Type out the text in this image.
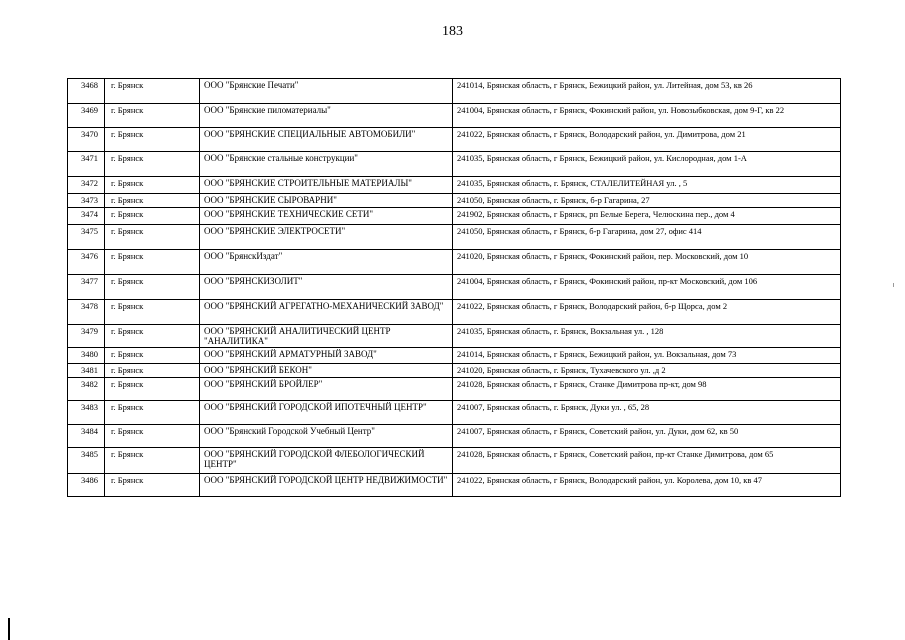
183
3468	г. Брянск	ООО "Брянские Печати"	241014, Брянская область, г Брянск, Бежицкий район, ул. Литейная, дом 53, кв 26
3469	г. Брянск	ООО "Брянские пиломатериалы"	241004, Брянская область, г Брянск, Фокинский район, ул. Новозыбковская, дом 9-Г, кв 22
3470	г. Брянск	ООО "БРЯНСКИЕ СПЕЦИАЛЬНЫЕ АВТОМОБИЛИ"	241022, Брянская область, г Брянск, Володарский район, ул. Димитрова, дом 21
3471	г. Брянск	ООО "Брянские стальные конструкции"	241035, Брянская область, г Брянск, Бежицкий район, ул. Кислородная, дом 1-А
3472	г. Брянск	ООО "БРЯНСКИЕ СТРОИТЕЛЬНЫЕ МАТЕРИАЛЫ"	241035, Брянская область, г. Брянск, СТАЛЕЛИТЕЙНАЯ ул. , 5
3473	г. Брянск	ООО "БРЯНСКИЕ СЫРОВАРНИ"	241050, Брянская область, г. Брянск, б-р Гагарина, 27
3474	г. Брянск	ООО "БРЯНСКИЕ ТЕХНИЧЕСКИЕ СЕТИ"	241902, Брянская область, г Брянск, рп Белые Берега, Челюскина пер., дом 4
3475	г. Брянск	ООО "БРЯНСКИЕ ЭЛЕКТРОСЕТИ"	241050, Брянская область, г Брянск, б-р Гагарина, дом 27, офис 414
3476	г. Брянск	ООО "БрянскИздат"	241020, Брянская область, г Брянск, Фокинский район, пер. Московский, дом 10
3477	г. Брянск	ООО "БРЯНСКИЗОЛИТ"	241004, Брянская область, г Брянск, Фокинский район, пр-кт Московский, дом 106
3478	г. Брянск	ООО "БРЯНСКИЙ АГРЕГАТНО-МЕХАНИЧЕСКИЙ ЗАВОД"	241022, Брянская область, г Брянск, Володарский район, б-р Щорса, дом 2
3479	г. Брянск	ООО "БРЯНСКИЙ АНАЛИТИЧЕСКИЙ ЦЕНТР "АНАЛИТИКА"	241035, Брянская область, г. Брянск, Вокзальная ул. , 128
3480	г. Брянск	ООО "БРЯНСКИЙ АРМАТУРНЫЙ ЗАВОД"	241014, Брянская область, г Брянск, Бежицкий район, ул. Вокзальная, дом 73
3481	г. Брянск	ООО "БРЯНСКИЙ БЕКОН"	241020, Брянская область, г. Брянск, Тухачевского ул. ,д 2
3482	г. Брянск	ООО "БРЯНСКИЙ БРОЙЛЕР"	241028, Брянская область, г Брянск, Станке Димитрова пр-кт, дом 98
3483	г. Брянск	ООО "БРЯНСКИЙ ГОРОДСКОЙ ИПОТЕЧНЫЙ ЦЕНТР"	241007, Брянская область, г. Брянск, Дуки ул. , 65, 28
3484	г. Брянск	ООО "Брянский Городской Учебный Центр"	241007, Брянская область, г Брянск, Советский район, ул. Дуки, дом 62, кв 50
3485	г. Брянск	ООО "БРЯНСКИЙ ГОРОДСКОЙ ФЛЕБОЛОГИЧЕСКИЙ ЦЕНТР"	241028, Брянская область, г Брянск, Советский район, пр-кт Станке Димитрова, дом 65
3486	г. Брянск	ООО "БРЯНСКИЙ ГОРОДСКОЙ ЦЕНТР НЕДВИЖИМОСТИ"	241022, Брянская область, г Брянск, Володарский район, ул. Королева, дом 10, кв 47
